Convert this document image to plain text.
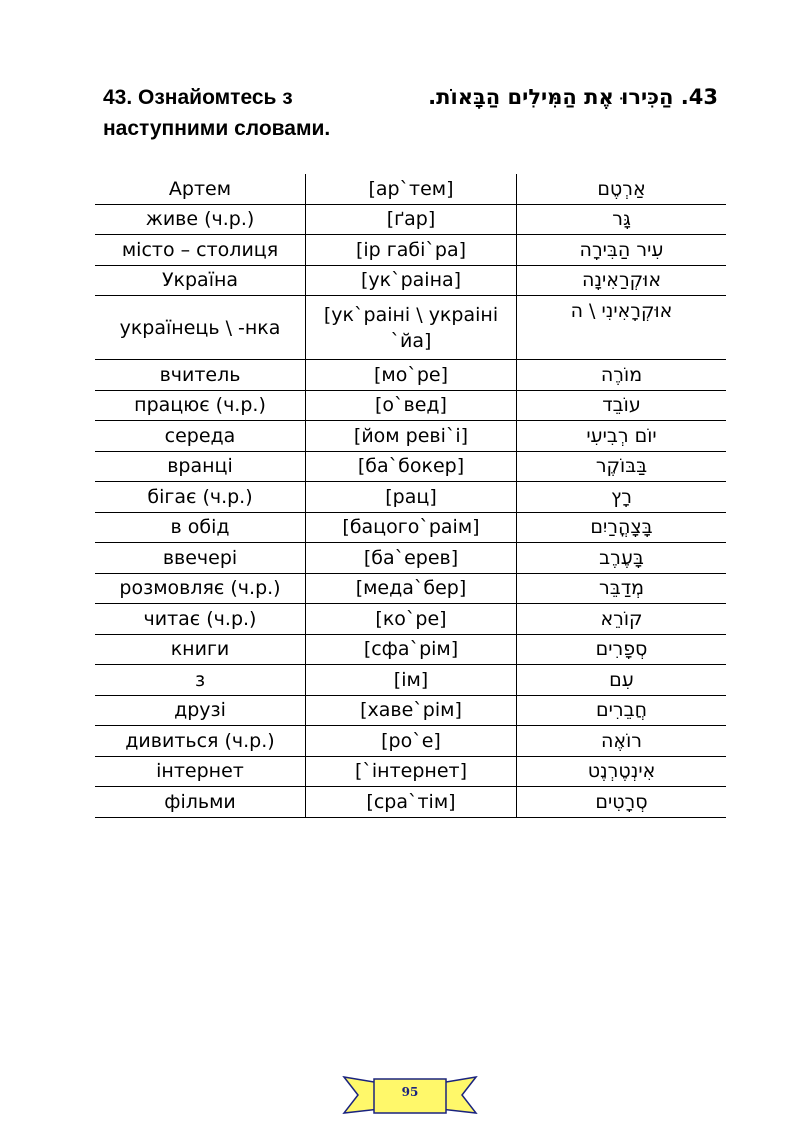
43. Ознайомтесь з наступними словами.
43. הַכִּירוּ אֶת הַמִּילִים הַבָּאוֹת.
Артем	[ар`тем]	אַרְטֶם
живе (ч.р.)	[ґар]	גָּר
місто – столиця	[ір габі`ра]	עִיר הַבִּירָה
Україна	[ук`раіна]	אוּקְרַאִינָה
українець \ -нка	[ук`раіні \ украіні `йа]	אוּקְרָאִינִי \ ה
вчитель	[мо`ре]	מוֹרֶה
працює (ч.р.)	[о`вед]	עוֹבֵד
середа	[йом реві`і]	יוֹם רְבִיעִי
вранці	[ба`бокер]	בַּבּוֹקֶר
бігає (ч.р.)	[рац]	רָץ
в обід	[бацого`раім]	בָּצָהֳרַיִם
ввечері	[ба`ерев]	בָּעֶרֶב
розмовляє (ч.р.)	[меда`бер]	מְדַבֵּר
читає (ч.р.)	[ко`ре]	קוֹרֵא
книги	[сфа`рім]	סְפָרִים
з	[ім]	עִם
друзі	[хаве`рім]	חֲבֵרִים
дивиться (ч.р.)	[ро`е]	רוֹאֶה
інтернет	[`інтернет]	אִינְטֶרְנֶט
фільми	[сра`тім]	סְרָטִים
95
